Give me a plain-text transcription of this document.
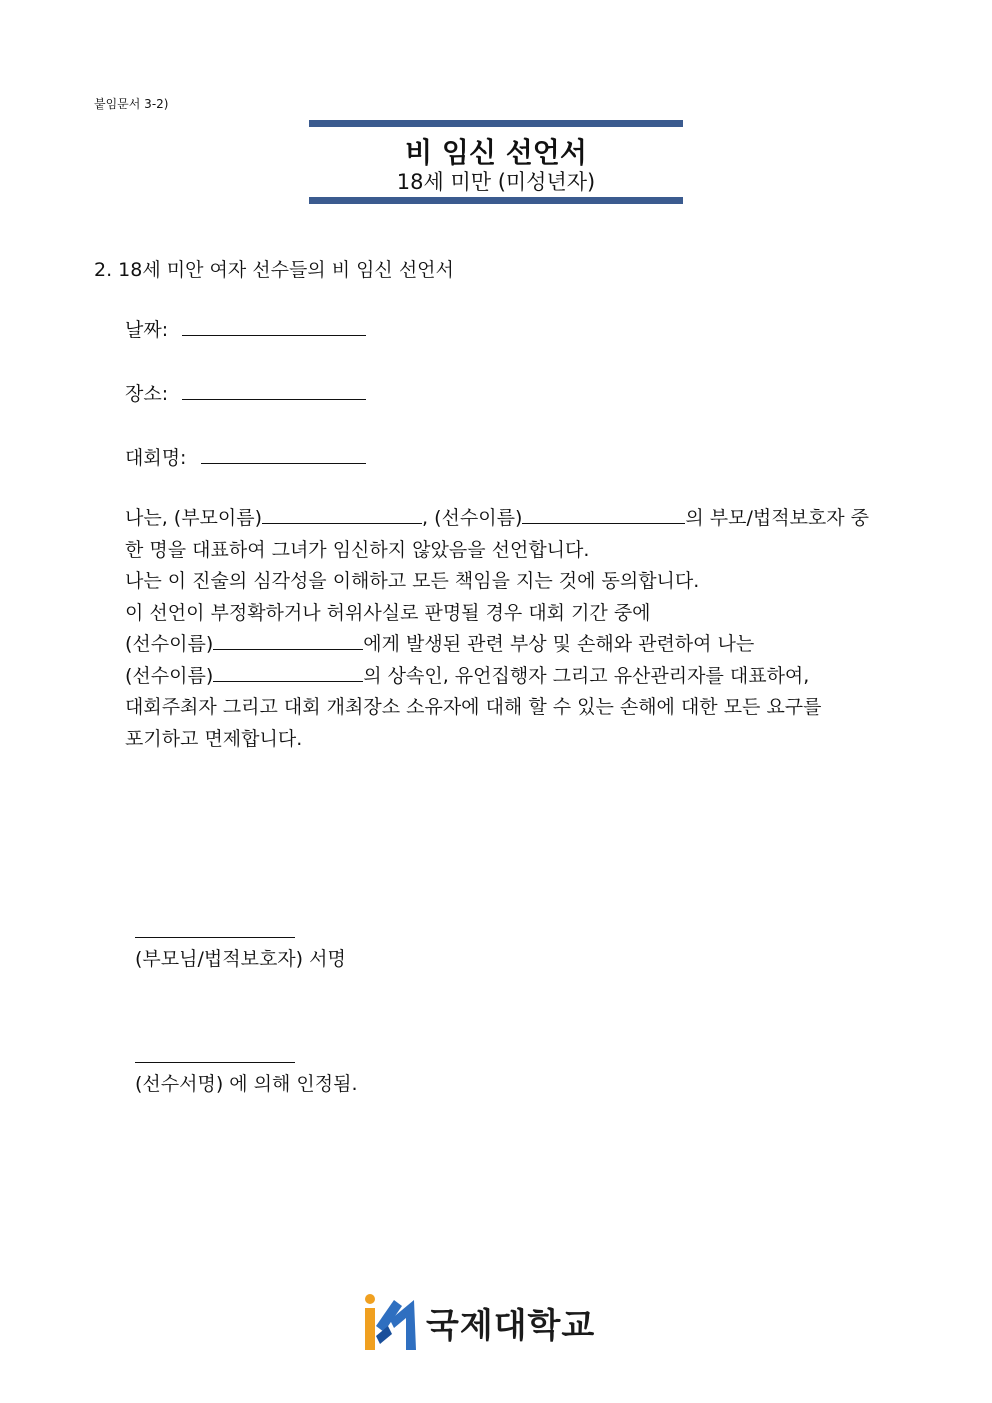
붙임문서 3-2)
비 임신 선언서
18세 미만 (미성년자)
2. 18세 미안 여자 선수들의 비 임신 선언서
날짜:
장소:
대회명:
나는, (부모이름)	, (선수이름)	의 부모/법적보호자 중
한 명을 대표하여 그녀가 임신하지 않았음을 선언합니다.
나는 이 진술의 심각성을 이해하고 모든 책임을 지는 것에 동의합니다.
이 선언이 부정확하거나 허위사실로 판명될 경우 대회 기간 중에
(선수이름)	에게 발생된 관련 부상 및 손해와 관련하여 나는
(선수이름)	의 상속인, 유언집행자 그리고 유산관리자를 대표하여,
대회주최자 그리고 대회 개최장소 소유자에 대해 할 수 있는 손해에 대한 모든 요구를
포기하고 면제합니다.
(부모님/법적보호자) 서명
(선수서명) 에 의해 인정됨.
국제대학교
